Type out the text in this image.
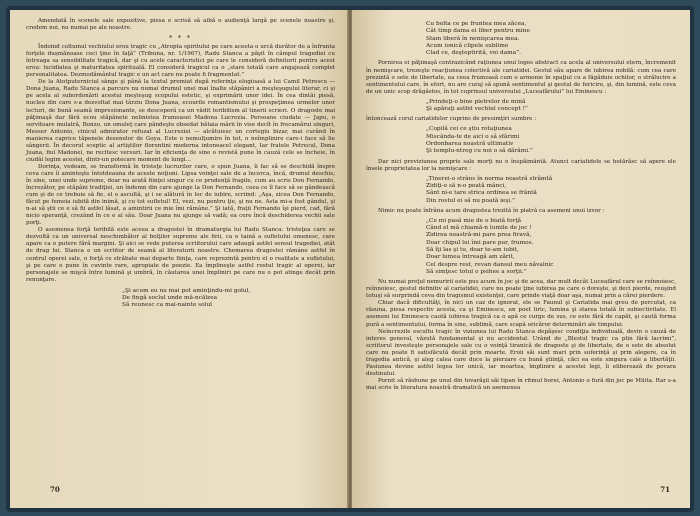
Amendată în scenele sale expozitive, piesa e scrisă să aibă o audienţă largă pe scenele noastre şi, credem noi, nu numai pe ale noastre.

* * *

Îndoind coltumul vechiului erou tragic cu „Atropta spiritului pe care aceeta o urcă durător de a înfrunta forţele dușmănoase ceci ţine în faţă” (Tribuna, nr. 1/1967), Radu Stanca a păşit în câmpul tragediei cu întreaga sa sensibilitate tragică, dar şi cu acele caracteristici pe care le consideră definitorii pentru acest erou: lucidiatea şi maturitatea spirituală. El consideră tragicul ca o „stare totală care angajează complet personalitatea. Dezmodământul tragic e un act care nu poate fi fragmentat.”

De la Atotputerniciul sânge şi până la textul premiat după referinţa elogioasă a lui Camil Petrescu — Dona Juana, Radu Stanca a parcurs nu numai drumul unei mai înalte stăpâniri a meşteşugului literar, ci şi pe acela al subordonării acestui meşteşug scopului estetic, şi exprimării unor idei. În cea dintâi piesă, nucleu din care s-a dezvoltat mai târziu Dona Juana, ecourile romantismului şi prospeţimea urmelor unor lecturi, de bună seamă impresionante, se descoperă ca un vădit teribilism al tinerii scrieri. O dragoste mai păţimaşă dar fără ecou stăpânete nelinistea frumoasei Madona Lucrezia. Persoane ciudate — Japu, o servitoare mulatră, Bonzo, un omuleţ care pândeşte obsedat bătaia mării în vise decît în frecamărui singuri, Messer Antonio, cinicul admirator refuzat al Lucreziei — alcătuiesc un cortegiu bizar, mai curând în manierea caprice tăpenele desenelor de Goya. Este o nemulţumire în tot, o neîmplinire care-i face să lie sângerii. În decorul sceptic al artiştilor florentini moderna intoneacel elegant, Iar fratele Petrecul, Dona Juana, fiul Madonei, ne recitesc versuri. Iar în eficienţa de sine o revistă pune în cauză cele se încheie, în ciudăi legim acestei, dintr-un potecare moment de lungi...

Dorinţa, vedeam, se transformă în tristeţe lucrurilor care, o spun Juana, îi fac să se deschidă înspre ceva care îi aminteşte întotdeauna de aceste noţiuni. Lipsa voinţei sale de a încerca, încă, drumul deschis; în sine, unei unde supreme, doar nu arată fiinţei singur cu ce prudenţă fragile, cum au scris Don Fernando, încrezător, pe stăpâni tradiţiei, un îndemn din care ajunge la Don Fernando, ceea ce îl face să se gândească cum şi de ce trebuie să fie, el o ascultă, şi i se alătură în loc de iubire, scriind: „Aşa, zicea Don Fernando, făcut pe femeia iubită din inimă, şi cu tot sufletul! El, vezi, nu pentru ţie, şi nu ne. Asta mi-a fost gândul, şi n-ai să ştii ce e să fii astfel lăsat, a amintirii ce mie îmi rămâne.” Şi iată, fraţii Fernando îşi pierd, cad, fără nicio speranţă, crezând în ce e al său. Doar Juana nu ajunge să vadă; ea cere încă deschiderea vechii sale porţi.

O asemenea forţă teribilă este aceea a dragostei în dramaturgia lui Radu Stanca: tristeţea care se dezvoltă ca un universal neschimbător al bolţilor supreme ale firii, ca o taină a sufletului omenesc, care apare ca o putere fără margini. Şi aici se vede puterea scriitorului care adaugă astfel sensul tragediei, atât de drag lui. Stanca e un scriitor de seamă al literaturii noastre. Chemarea dragostei rămâne astfel în centrul operei sale, o forţă ce străbate mai departe fiinţa, care reprezintă pentru el o realitate a sufletului, şi pe care o pune în cuvinte rare, apropiate de poezie. Ea împlineşte astfel rostul tragic al operei, iar personajele se mişcă între lumină şi umbră, în căutarea unei împliniri pe care nu o pot atinge decât prin renunţare.

„Şi acum eu nu mai pot aminţindu-mi golul,
De fingă soclul unde mă-ncălzea
Să reunesc ca mai-nainte solul
70
Cu bolta ce pe fruntea mea zăcea,
Cât timp dama ei liber pentru mine
Stam liberă în nemişcarea mea.
Acum ionică clipele sublime
Clad ce, deşteptirită, voi dama”.

Pornirea ei păţimaşă contrazicând raţiunea unui logos abstract ca acela al universului etern, încremenit în nemişcare, trezeşte reacţiunea colectivă ale cariatidei. Gestul său apare de iubirea nobilă: cum cea care prezintă o sete de libertate, ea ceea frumoasă cum o armonie în spaţiul cu a făgăduie ochilor, o strălucire a sentimentului care, în efort, nu are curaj să spună sentimentul şi gestul de fericire, şi, din lumină, este ceva de un unic scop drăgăstos, în tot cuprinsul universului „Luceafărului” lui Eminescu :

„Prindeţi-o bine pietrelor de mină
Şi apăraţi astfel vechiul concept !”

întoncează corul cariatidelor cuprins de presimţiri sumbre :

„Copilă cei ce ştiu rotaţiunea
Miscânda-te de aici o să sfârimi
Ordonbarea noastră ultimativ
Şi templu-ntreg cu noi o să dărâmi.”

Dar nici previziunea proprie sale morţi nu o înspăimântă. Atunci cariatidele se hotărăsc să apere ele însele proprietatea lor la nemişcare :

„Tinerei-o strâns în norma noastră strâmtă
Zidiţi-o să n-o poată mânci,
Sânt ni-e tare strica ordinea se frântă
Din rostul ei să nu poată ieşi.”

Nimic nu poate înfrâna acum dragostea trezită în piatră ca asemeni unui izvor :

„Ce mi pasă mie de o biată forţă
Când el mă chiamă-n lumile de joc !
Zidirea noastră-mi pare prea firavă,
Doar chipul lui îmi pare pur, frumos.
Să îţi las şi tu, doar te-am iubit,
Doar lumea întreagă am zărit,
Cel despre rest, revan dansul meu năvalnic
Să simţesc totul o psihee a sorţii.”

Nu numai preţul nemuririi este pus acum în joc şi de acea, dar mult decât Luceafărul care se reînnoiesc, reînnoiesc, gestul definitiv al cariatidei, care nu poate ţine iubirea pe care o doreşte, şi deci pierde, reuşind totuşi să surprindă ceva din tragismul existenţei, care prinde viaţă doar aşa, numai prin a cărei pierdere.

Chiar dacă dificultăţi, în nici un caz de ignorat, ele se Faunul şi Cariatida mai greu de percutat, ca răsuna, piesa respectiv acesta, ca şi Eminescu, un poet liric, lumina şi starea totală în subiectivitate. El asemeni lui Eminescu caută iubirea tragică ca o apă ce curge de sus, ce este fără de capăt, şi caută forma pură a sentimentului, forma în sine, sublimă, care scapă oricăror determinări ale timpului.

Neîncrezile escultu tragic în viziunea lui Radu Stanca depăşesc condiţia individuală, devin o cauză de interes general, văzută fundamental şi nu accidental. Urând de „Blestul tragic ca plin fără lacrimi”, scriitorul investeşte personajele sale cu o voinţă tiranică de dragoste şi de libertate, de o sete de absolut care nu poate fi satisfăcută decât prin moarte. Eroii săi sunt mari prin suferinţă şi prin alegere, ca în tragedia antică, şi aleg calea care duce la pierzare cu bună ştiinţă, căci ea este singura cale a libertăţii. Pasiunea devine astfel legea lor unică, iar moartea, împlinire a acestei legi, îi eliberează de povara destinului.

Pornit să răsbune pe unul din tovarăşii săi tipan în ritmul borei, Antonio o fură din joc pe Milita. Rar s-a mai scris în literatura noastră dramatică un asemenea

71
